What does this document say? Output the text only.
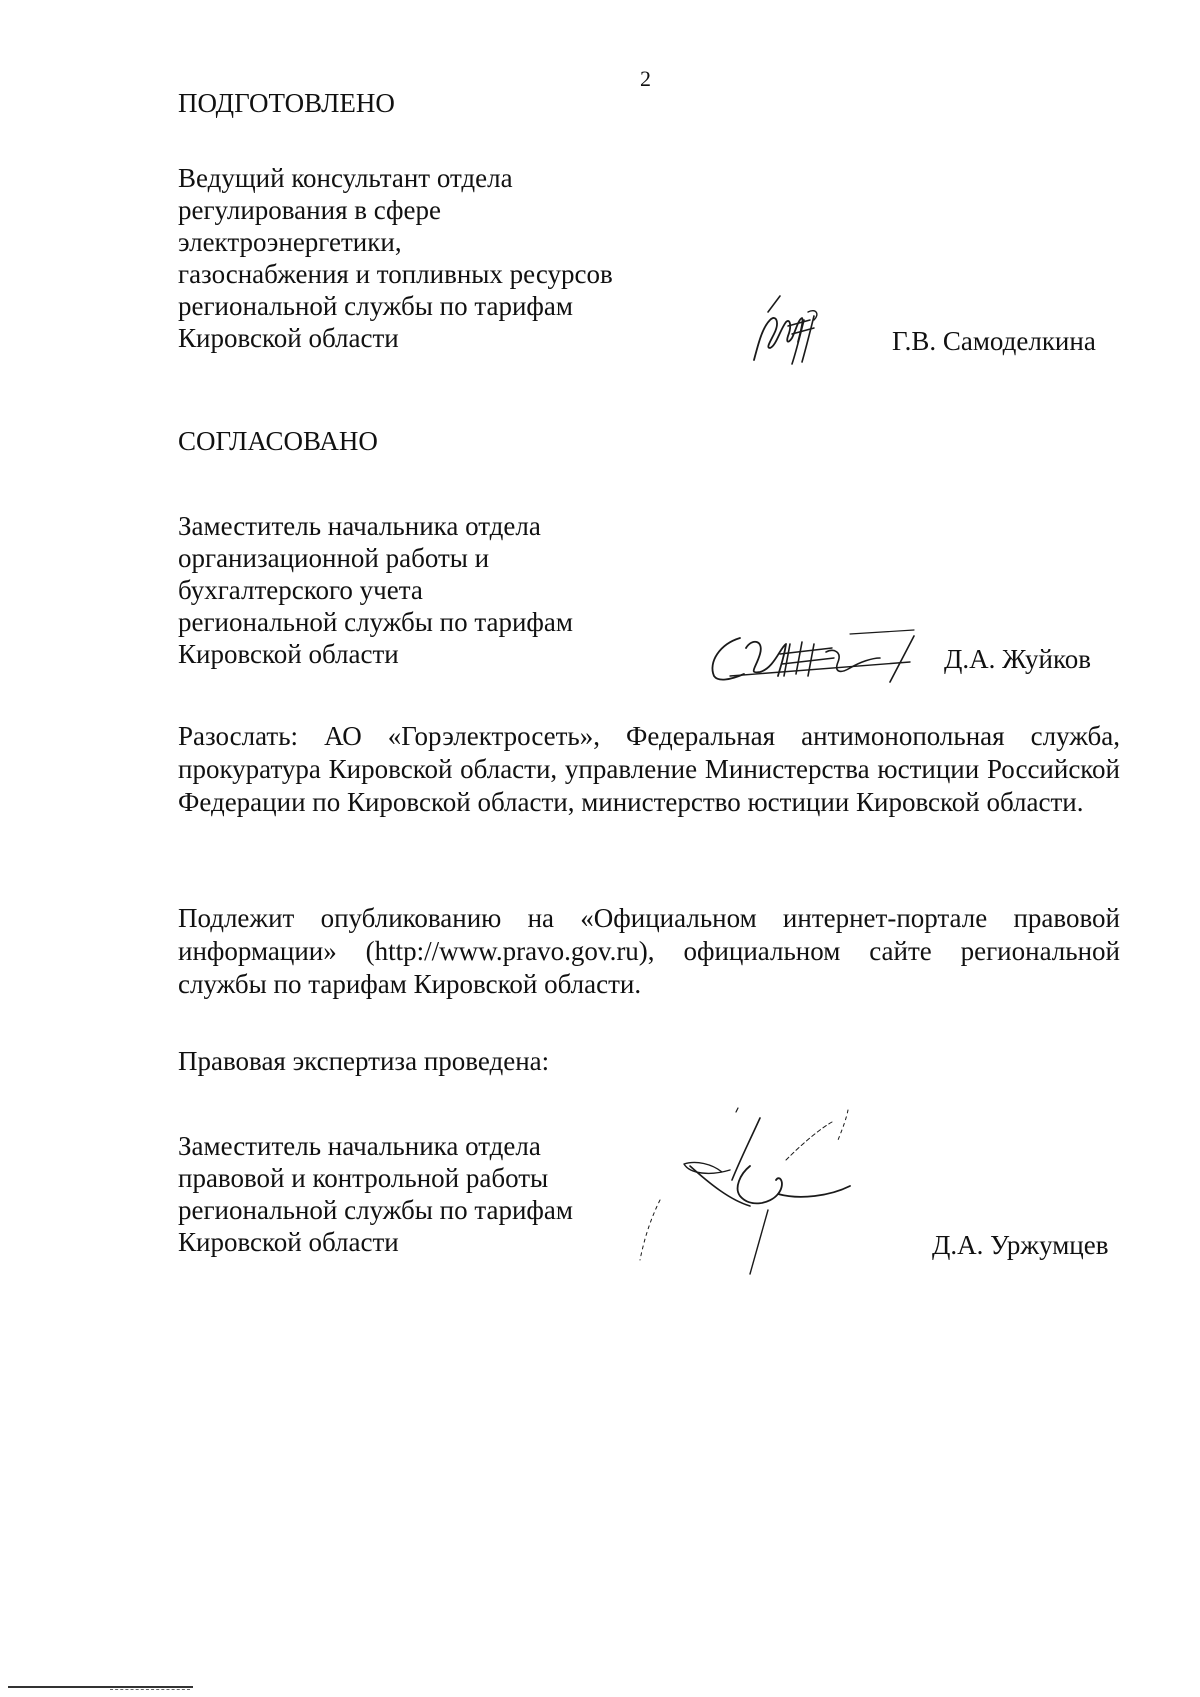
2
ПОДГОТОВЛЕНО
Ведущий консультант отдела
регулирования в сфере
электроэнергетики,
газоснабжения и топливных ресурсов
региональной службы по тарифам
Кировской области	Г.В. Самоделкина
СОГЛАСОВАНО
Заместитель начальника отдела
организационной работы и
бухгалтерского учета
региональной службы по тарифам
Кировской области	Д.А. Жуйков
Разослать: АО «Горэлектросеть», Федеральная антимонопольная служба, прокуратура Кировской области, управление Министерства юстиции Российской Федерации по Кировской области, министерство юстиции Кировской области.
Подлежит опубликованию на «Официальном интернет-портале правовой информации» (http://www.pravo.gov.ru), официальном сайте региональной службы по тарифам Кировской области.
Правовая экспертиза проведена:
Заместитель начальника отдела
правовой и контрольной работы
региональной службы по тарифам
Кировской области	Д.А. Уржумцев
